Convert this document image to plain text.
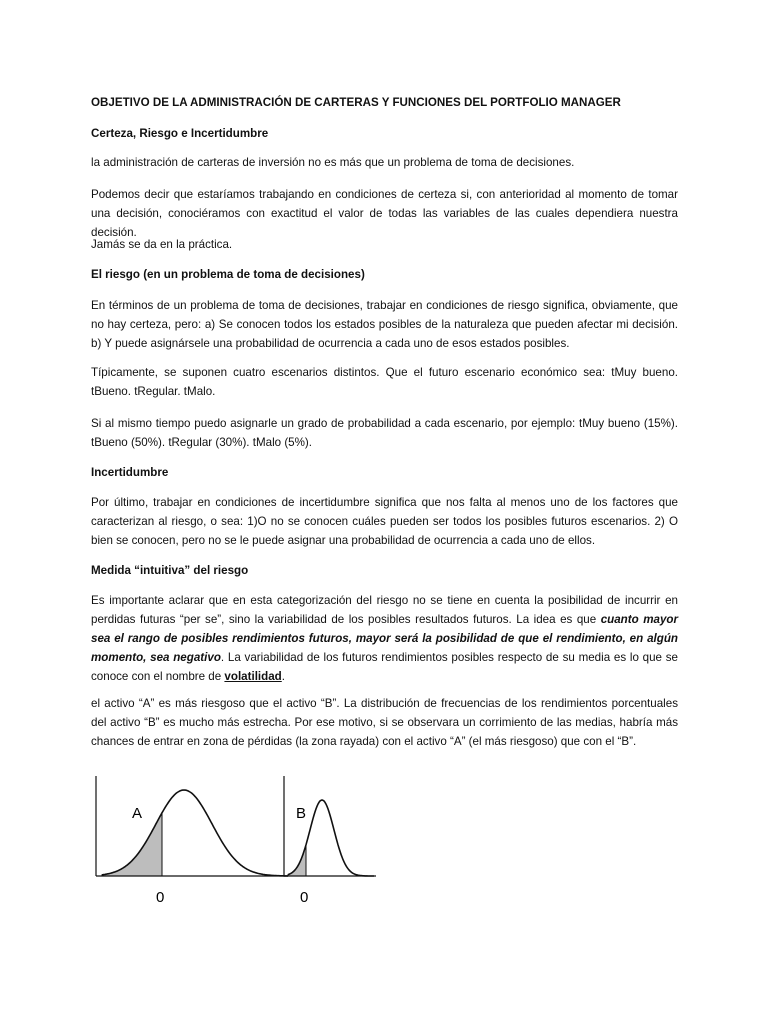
OBJETIVO DE LA ADMINISTRACIÓN DE CARTERAS Y FUNCIONES DEL PORTFOLIO MANAGER

Certeza, Riesgo e Incertidumbre

la administración de carteras de inversión no es más que un problema de toma de decisiones.

Podemos decir que estaríamos trabajando en condiciones de certeza si, con anterioridad al momento de tomar una decisión, conociéramos con exactitud el valor de todas las variables de las cuales dependiera nuestra decisión.

Jamás se da en la práctica.

El riesgo (en un problema de toma de decisiones)

En términos de un problema de toma de decisiones, trabajar en condiciones de riesgo significa, obviamente, que no hay certeza, pero: a) Se conocen todos los estados posibles de la naturaleza que pueden afectar mi decisión. b) Y puede asignársele una probabilidad de ocurrencia a cada uno de esos estados posibles.

Típicamente, se suponen cuatro escenarios distintos. Que el futuro escenario económico sea: tMuy bueno. tBueno. tRegular. tMalo.

Si al mismo tiempo puedo asignarle un grado de probabilidad a cada escenario, por ejemplo: tMuy bueno (15%). tBueno (50%). tRegular (30%). tMalo (5%).

Incertidumbre

Por último, trabajar en condiciones de incertidumbre significa que nos falta al menos uno de los factores que caracterizan al riesgo, o sea: 1)O no se conocen cuáles pueden ser todos los posibles futuros escenarios. 2) O bien se conocen, pero no se le puede asignar una probabilidad de ocurrencia a cada uno de ellos.

Medida “intuitiva” del riesgo

Es importante aclarar que en esta categorización del riesgo no se tiene en cuenta la posibilidad de incurrir en perdidas futuras “per se”, sino la variabilidad de los posibles resultados futuros. La idea es que cuanto mayor sea el rango de posibles rendimientos futuros, mayor será la posibilidad de que el rendimiento, en algún momento, sea negativo. La variabilidad de los futuros rendimientos posibles respecto de su media es lo que se conoce con el nombre de volatilidad.

el activo “A” es más riesgoso que el activo “B”. La distribución de frecuencias de los rendimientos porcentuales del activo “B” es mucho más estrecha. Por ese motivo, si se observara un corrimiento de las medias, habría más chances de entrar en zona de pérdidas (la zona rayada) con el activo “A” (el más riesgoso) que con el “B”.

A
0
B
0
